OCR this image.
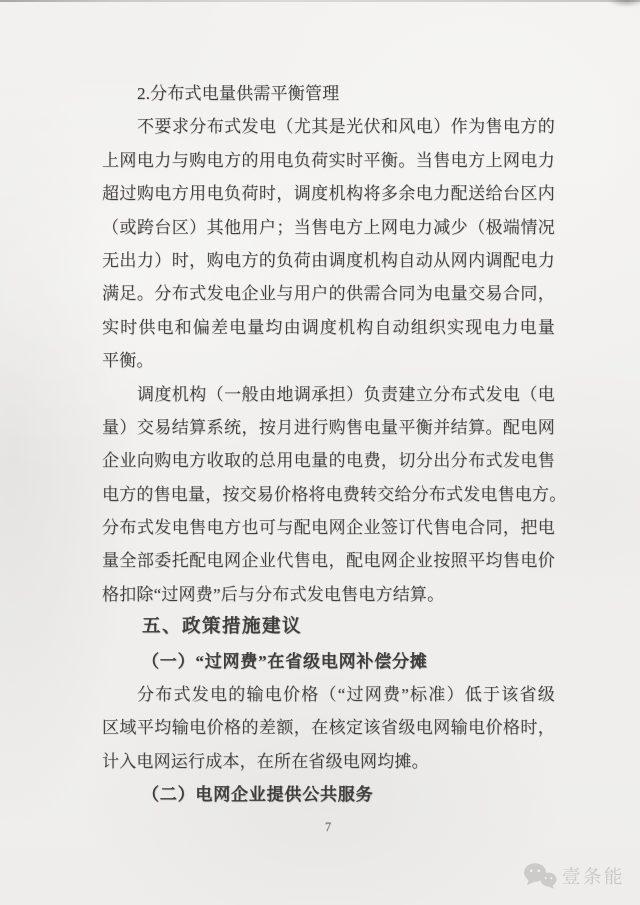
2.分布式电量供需平衡管理
不要求分布式发电（尤其是光伏和风电）作为售电方的
上网电力与购电方的用电负荷实时平衡。当售电方上网电力
超过购电方用电负荷时，调度机构将多余电力配送给台区内
（或跨台区）其他用户；当售电方上网电力减少（极端情况
无出力）时，购电方的负荷由调度机构自动从网内调配电力
满足。分布式发电企业与用户的供需合同为电量交易合同，
实时供电和偏差电量均由调度机构自动组织实现电力电量
平衡。
调度机构（一般由地调承担）负责建立分布式发电（电
量）交易结算系统，按月进行购售电量平衡并结算。配电网
企业向购电方收取的总用电量的电费，切分出分布式发电售
电方的售电量，按交易价格将电费转交给分布式发电售电方。
分布式发电售电方也可与配电网企业签订代售电合同，把电
量全部委托配电网企业代售电，配电网企业按照平均售电价
格扣除“过网费”后与分布式发电售电方结算。
五、政策措施建议
（一）“过网费”在省级电网补偿分摊
分布式发电的输电价格（“过网费”标准）低于该省级
区域平均输电价格的差额，在核定该省级电网输电价格时，
计入电网运行成本，在所在省级电网均摊。
（二）电网企业提供公共服务
7
壹条能
